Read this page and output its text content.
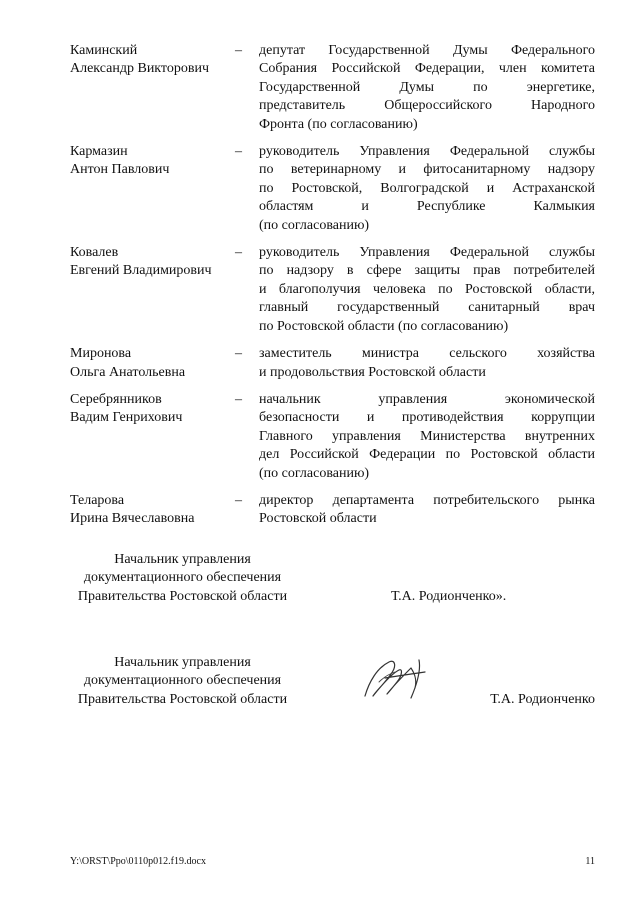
Каминский
Александр Викторович
–	депутат Государственной Думы Федерального
Собрания Российской Федерации, член комитета
Государственной Думы по энергетике,
представитель Общероссийского Народного
Фронта (по согласованию)
Кармазин
Антон Павлович
–	руководитель Управления Федеральной службы
по ветеринарному и фитосанитарному надзору
по Ростовской, Волгоградской и Астраханской
областям и Республике Калмыкия
(по согласованию)
Ковалев
Евгений Владимирович
–	руководитель Управления Федеральной службы
по надзору в сфере защиты прав потребителей
и благополучия человека по Ростовской области,
главный государственный санитарный врач
по Ростовской области (по согласованию)
Миронова
Ольга Анатольевна
–	заместитель министра сельского хозяйства
и продовольствия Ростовской области
Серебрянников
Вадим Генрихович
–	начальник управления экономической
безопасности и противодействия коррупции
Главного управления Министерства внутренних
дел Российской Федерации по Ростовской области
(по согласованию)
Теларова
Ирина Вячеславовна
–	директор департамента потребительского рынка
Ростовской области
Начальник управления
документационного обеспечения
Правительства Ростовской области	Т.А. Родионченко».
Начальник управления
документационного обеспечения
Правительства Ростовской области	Т.А. Родионченко
Y:\ORST\Ppo\0110p012.f19.docx	11
